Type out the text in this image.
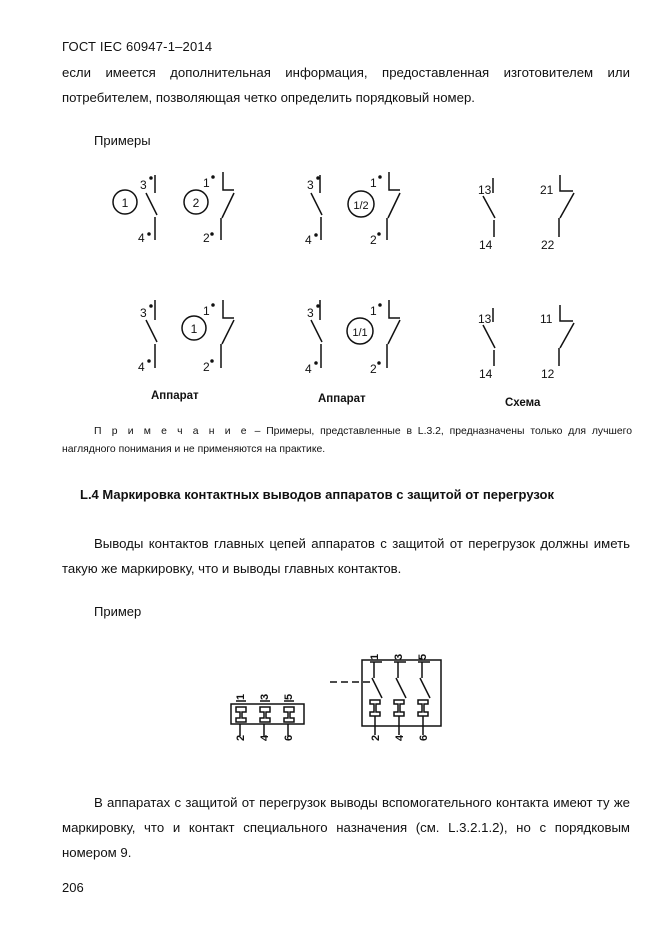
ГОСТ IEC 60947-1–2014
если имеется дополнительная информация, предоставленная изготовителем или потребителем, позволяющая четко определить порядковый номер.
Примеры
1
3
4
2
1
2
3
4
1/2
1
2
13
14
21
22
3
4
1
1
2
3
4
1/1
1
2
13
14
11
12
Аппарат	Аппарат	Схема
П р и м е ч а н и е – Примеры, представленные в L.3.2, предназначены только для лучшего наглядного понимания и не применяются на практике.
L.4 Маркировка контактных выводов аппаратов с защитой от перегрузок
Выводы контактов главных цепей аппаратов с защитой от перегрузок должны иметь такую же маркировку, что и выводы главных контактов.
Пример
1 3 5
2 4 6
1 3 5
2 4 6
В аппаратах с защитой от перегрузок выводы вспомогательного контакта имеют ту же маркировку, что и контакт специального назначения (см. L.3.2.1.2), но с порядковым номером 9.
206
